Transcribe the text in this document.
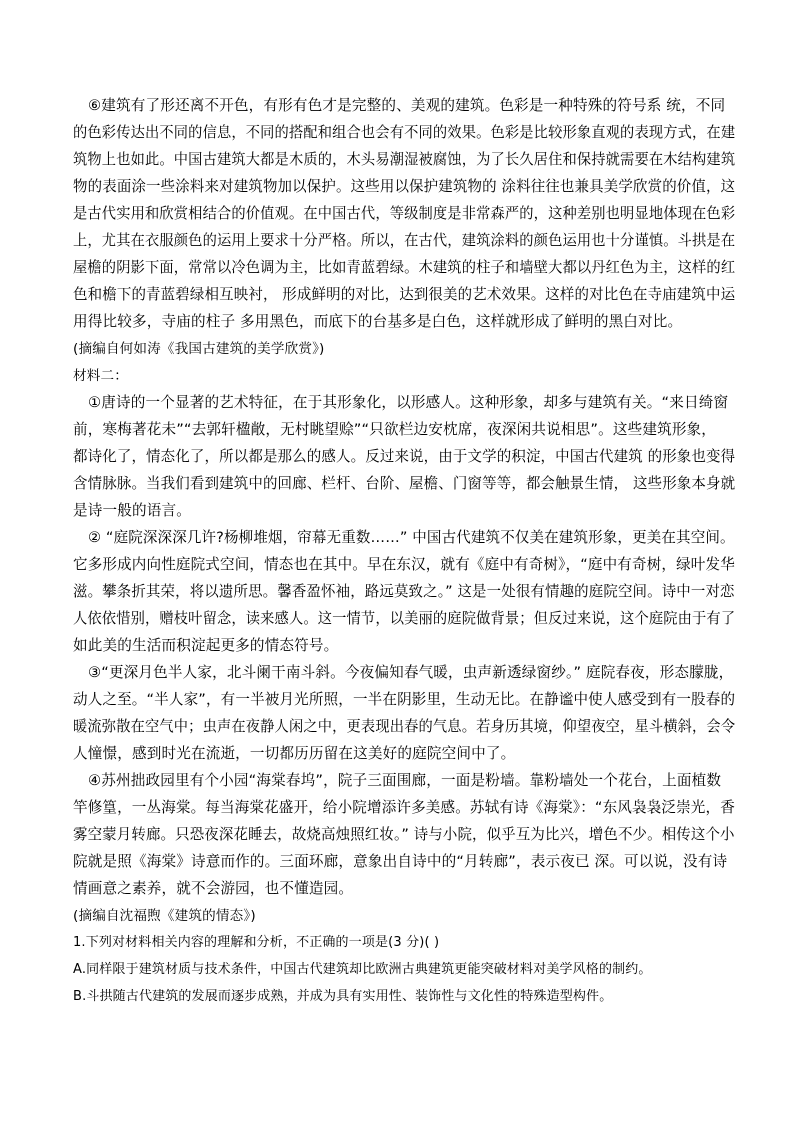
⑥建筑有了形还离不开色，有形有色才是完整的、美观的建筑。色彩是一种特殊的符号系 统，不同
的色彩传达出不同的信息，不同的搭配和组合也会有不同的效果。色彩是比较形象直观的表现方式，在建
筑物上也如此。中国古建筑大都是木质的，木头易潮湿被腐蚀，为了长久居住和保持就需要在木结构建筑
物的表面涂一些涂料来对建筑物加以保护。这些用以保护建筑物的 涂料往往也兼具美学欣赏的价值，这
是古代实用和欣赏相结合的价值观。在中国古代，等级制度是非常森严的，这种差别也明显地体现在色彩
上，尤其在衣服颜色的运用上要求十分严格。所以，在古代，建筑涂料的颜色运用也十分谨慎。斗拱是在
屋檐的阴影下面，常常以冷色调为主，比如青蓝碧绿。木建筑的柱子和墙壁大都以丹红色为主，这样的红
色和檐下的青蓝碧绿相互映衬， 形成鲜明的对比，达到很美的艺术效果。这样的对比色在寺庙建筑中运
用得比较多，寺庙的柱子 多用黑色，而底下的台基多是白色，这样就形成了鲜明的黑白对比。
(摘编自何如涛《我国古建筑的美学欣赏》)
材料二：
①唐诗的一个显著的艺术特征，在于其形象化，以形感人。这种形象，却多与建筑有关。“来日绮窗
前，寒梅著花未”“去郭轩楹敞，无村眺望赊”“只欲栏边安枕席，夜深闲共说相思”。这些建筑形象，
都诗化了，情态化了，所以都是那么的感人。反过来说，由于文学的积淀，中国古代建筑 的形象也变得
含情脉脉。当我们看到建筑中的回廊、栏杆、台阶、屋檐、门窗等等，都会触景生情， 这些形象本身就
是诗一般的语言。
② “庭院深深深几许?杨柳堆烟，帘幕无重数……” 中国古代建筑不仅美在建筑形象，更美在其空间。
它多形成内向性庭院式空间，情态也在其中。早在东汉，就有《庭中有奇树》，“庭中有奇树，绿叶发华
滋。攀条折其荣，将以遗所思。馨香盈怀袖，路远莫致之。” 这是一处很有情趣的庭院空间。诗中一对恋
人依依惜别，赠枝叶留念，读来感人。这一情节，以美丽的庭院做背景；但反过来说，这个庭院由于有了
如此美的生活而积淀起更多的情态符号。
③“更深月色半人家，北斗阑干南斗斜。今夜偏知春气暖，虫声新透绿窗纱。” 庭院春夜，形态朦胧，
动人之至。“半人家”，有一半被月光所照，一半在阴影里，生动无比。在静谧中使人感受到有一股春的
暖流弥散在空气中；虫声在夜静人闲之中，更表现出春的气息。若身历其境，仰望夜空，星斗横斜，会令
人憧憬，感到时光在流逝，一切都历历留在这美好的庭院空间中了。
④苏州拙政园里有个小园“海棠春坞”，院子三面围廊，一面是粉墙。靠粉墙处一个花台，上面植数
竿修篁，一丛海棠。每当海棠花盛开，给小院增添许多美感。苏轼有诗《海棠》：“东风袅袅泛崇光，香
雾空蒙月转廊。只恐夜深花睡去，故烧高烛照红妆。” 诗与小院，似乎互为比兴，增色不少。相传这个小
院就是照《海棠》诗意而作的。三面环廊，意象出自诗中的“月转廊”，表示夜已 深。可以说，没有诗
情画意之素养，就不会游园，也不懂造园。
(摘编自沈福煦《建筑的情态》)
1.下列对材料相关内容的理解和分析，不正确的一项是(3 分)( )
A.同样限于建筑材质与技术条件，中国古代建筑却比欧洲古典建筑更能突破材料对美学风格的制约。
B.斗拱随古代建筑的发展而逐步成熟，并成为具有实用性、装饰性与文化性的特殊造型构件。
